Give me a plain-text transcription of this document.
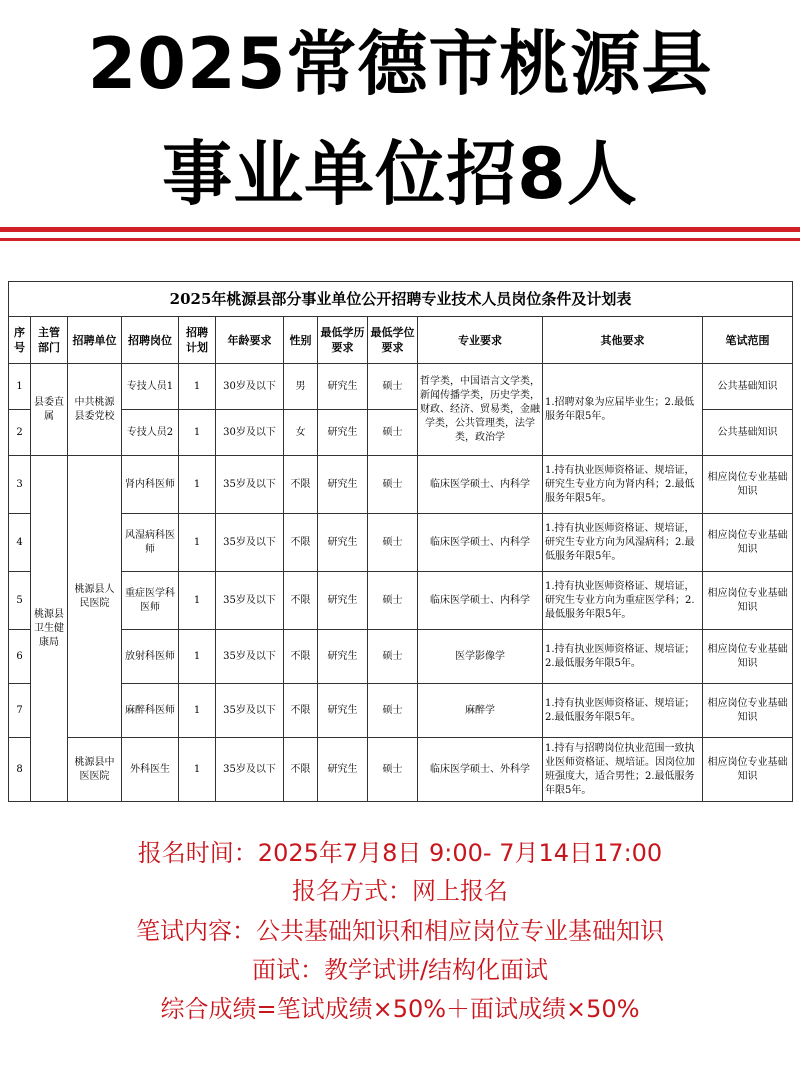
2025常德市桃源县
事业单位招8人
2025年桃源县部分事业单位公开招聘专业技术人员岗位条件及计划表											
序号	主管部门	招聘单位	招聘岗位	招聘计划	年龄要求	性别	最低学历要求	最低学位要求	专业要求	其他要求	笔试范围
1	县委直属	中共桃源县委党校	专技人员1	1	30岁及以下	男	研究生	硕士	哲学类，中国语言文学类，新闻传播学类，历史学类，财政、经济、贸易类，金融学类，公共管理类，法学类，政治学	1.招聘对象为应届毕业生；2.最低服务年限5年。	公共基础知识
2			专技人员2	1	30岁及以下	女	研究生	硕士			公共基础知识
3	桃源县卫生健康局	桃源县人民医院	肾内科医师	1	35岁及以下	不限	研究生	硕士	临床医学硕士、内科学	1.持有执业医师资格证、规培证，研究生专业方向为肾内科；2.最低服务年限5年。	相应岗位专业基础知识
4			风湿病科医师	1	35岁及以下	不限	研究生	硕士	临床医学硕士、内科学	1.持有执业医师资格证、规培证，研究生专业方向为风湿病科；2.最低服务年限5年。	相应岗位专业基础知识
5			重症医学科医师	1	35岁及以下	不限	研究生	硕士	临床医学硕士、内科学	1.持有执业医师资格证、规培证，研究生专业方向为重症医学科；2.最低服务年限5年。	相应岗位专业基础知识
6			放射科医师	1	35岁及以下	不限	研究生	硕士	医学影像学	1.持有执业医师资格证、规培证；2.最低服务年限5年。	相应岗位专业基础知识
7			麻醉科医师	1	35岁及以下	不限	研究生	硕士	麻醉学	1.持有执业医师资格证、规培证；2.最低服务年限5年。	相应岗位专业基础知识
8		桃源县中医医院	外科医生	1	35岁及以下	不限	研究生	硕士	临床医学硕士、外科学	1.持有与招聘岗位执业范围一致执业医师资格证、规培证。因岗位加班强度大，适合男性；2.最低服务年限5年。	相应岗位专业基础知识
报名时间：2025年7月8日 9:00- 7月14日17:00
报名方式：网上报名
笔试内容：公共基础知识和相应岗位专业基础知识
面试：教学试讲/结构化面试
综合成绩=笔试成绩×50%＋面试成绩×50%
